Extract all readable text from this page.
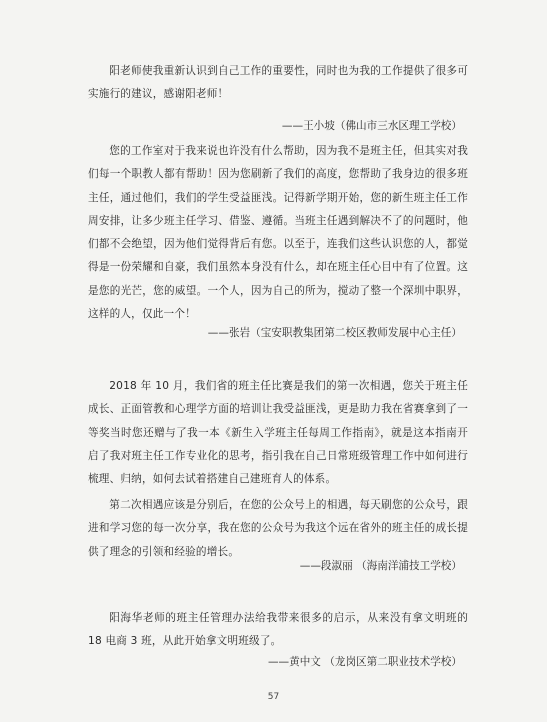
阳老师使我重新认识到自己工作的重要性，同时也为我的工作提供了很多可实施行的建议，感谢阳老师！

——王小坡（佛山市三水区理工学校）

您的工作室对于我来说也许没有什么帮助，因为我不是班主任，但其实对我们每一个职教人都有帮助！因为您刷新了我们的高度，您帮助了我身边的很多班主任，通过他们，我们的学生受益匪浅。记得新学期开始，您的新生班主任工作周安排，让多少班主任学习、借鉴、遵循。当班主任遇到解决不了的问题时，他们都不会绝望，因为他们觉得背后有您。以至于，连我们这些认识您的人，都觉得是一份荣耀和自豪，我们虽然本身没有什么，却在班主任心目中有了位置。这是您的光芒，您的威望。一个人，因为自己的所为，搅动了整一个深圳中职界，这样的人，仅此一个！

——张岩（宝安职教集团第二校区教师发展中心主任）

2018 年 10 月，我们省的班主任比赛是我们的第一次相遇，您关于班主任成长、正面管教和心理学方面的培训让我受益匪浅，更是助力我在省赛拿到了一等奖当时您还赠与了我一本《新生入学班主任每周工作指南》，就是这本指南开启了我对班主任工作专业化的思考，指引我在自己日常班级管理工作中如何进行梳理、归纳，如何去试着搭建自己建班育人的体系。

第二次相遇应该是分别后，在您的公众号上的相遇，每天刷您的公众号，跟进和学习您的每一次分享，我在您的公众号为我这个远在省外的班主任的成长提供了理念的引领和经验的增长。

——段淑丽 （海南洋浦技工学校）

阳海华老师的班主任管理办法给我带来很多的启示，从来没有拿文明班的 18 电商 3 班，从此开始拿文明班级了。

——黄中文 （龙岗区第二职业技术学校）

57
